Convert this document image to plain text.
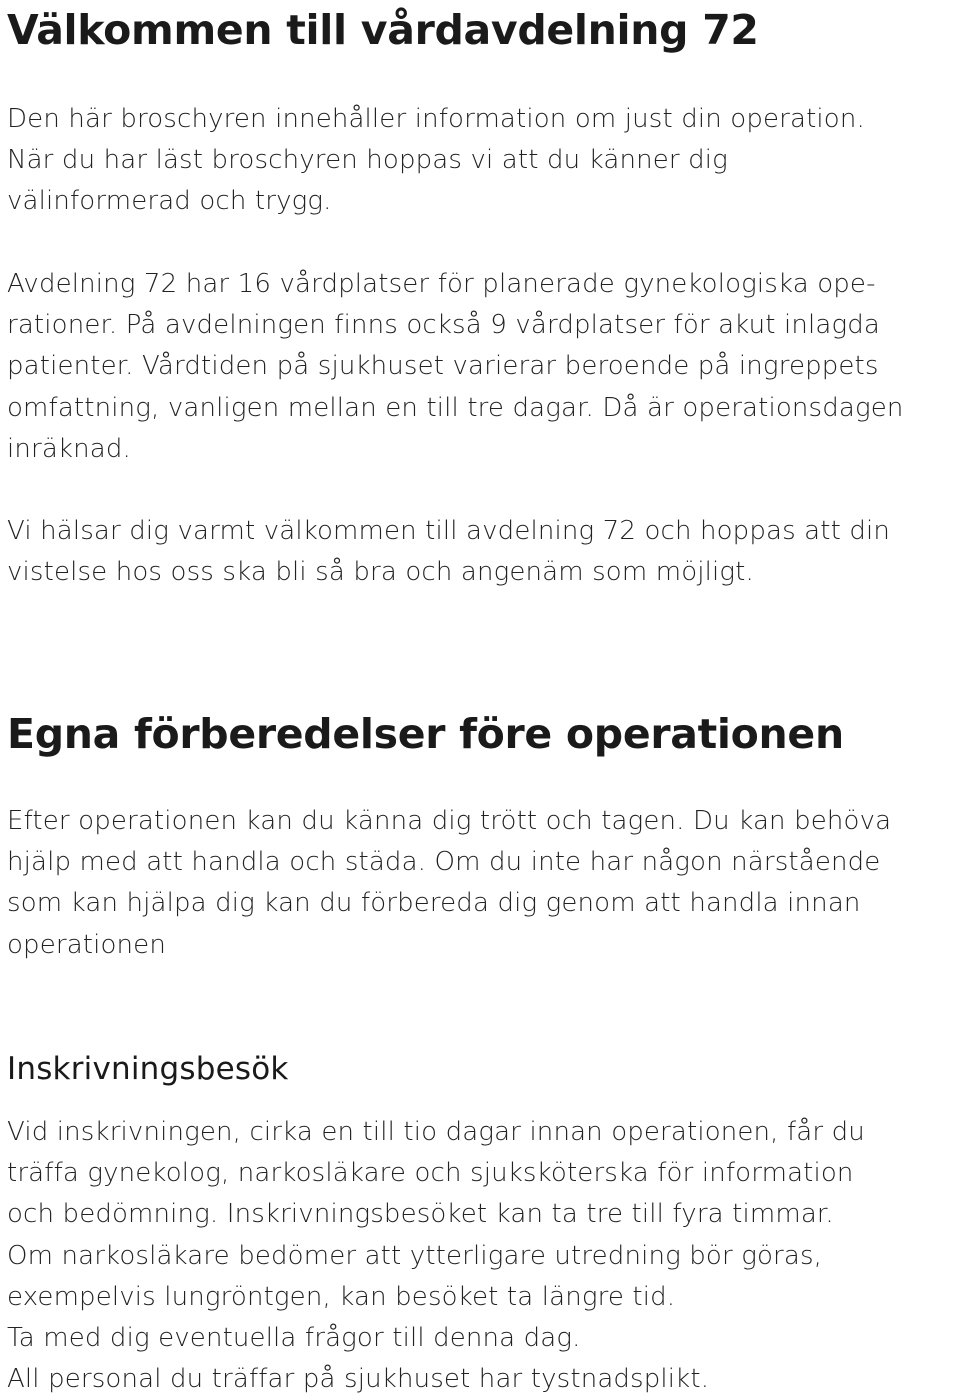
Välkommen till vårdavdelning 72

Den här broschyren innehåller information om just din operation.
När du har läst broschyren hoppas vi att du känner dig
välinformerad och trygg.

Avdelning 72 har 16 vårdplatser för planerade gynekologiska ope-
rationer. På avdelningen finns också 9 vårdplatser för akut inlagda
patienter. Vårdtiden på sjukhuset varierar beroende på ingreppets
omfattning, vanligen mellan en till tre dagar. Då är operationsdagen
inräknad.

Vi hälsar dig varmt välkommen till avdelning 72 och hoppas att din
vistelse hos oss ska bli så bra och angenäm som möjligt.

Egna förberedelser före operationen

Efter operationen kan du känna dig trött och tagen. Du kan behöva
hjälp med att handla och städa. Om du inte har någon närstående
som kan hjälpa dig kan du förbereda dig genom att handla innan
operationen

Inskrivningsbesök

Vid inskrivningen, cirka en till tio dagar innan operationen, får du
träffa gynekolog, narkosläkare och sjuksköterska för information
och bedömning. Inskrivningsbesöket kan ta tre till fyra timmar.
Om narkosläkare bedömer att ytterligare utredning bör göras,
exempelvis lungröntgen, kan besöket ta längre tid.
Ta med dig eventuella frågor till denna dag.
All personal du träffar på sjukhuset har tystnadsplikt.
